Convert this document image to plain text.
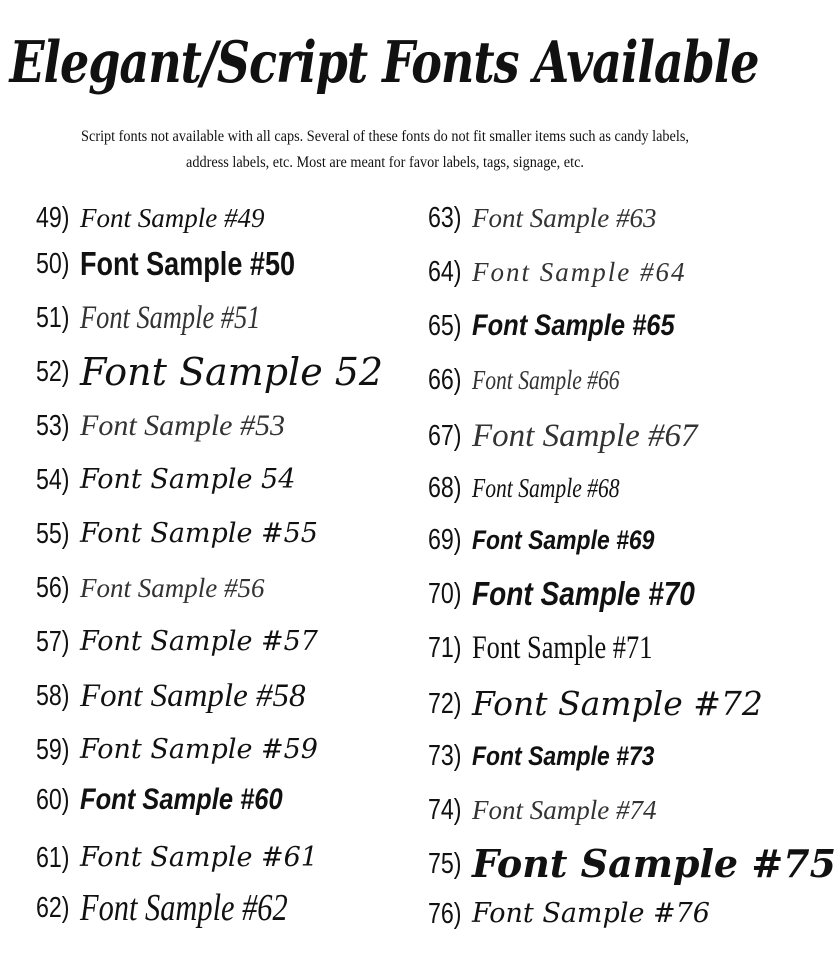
Elegant/Script Fonts Available
Script fonts not available with all caps. Several of these fonts do not fit smaller items such as candy labels, address labels, etc. Most are meant for favor labels, tags, signage, etc.
49) Font Sample #49
50) Font Sample #50
51) Font Sample #51
52) Font Sample 52
53) Font Sample #53
54) Font Sample 54
55) Font Sample #55
56) Font Sample #56
57) Font Sample #57
58) Font Sample #58
59) Font Sample #59
60) Font Sample #60
61) Font Sample #61
62) Font Sample #62
63) Font Sample #63
64) Font Sample #64
65) Font Sample #65
66) Font Sample #66
67) Font Sample #67
68) Font Sample #68
69) Font Sample #69
70) Font Sample #70
71) Font Sample #71
72) Font Sample #72
73) Font Sample #73
74) Font Sample #74
75) Font Sample #75
76) Font Sample #76
